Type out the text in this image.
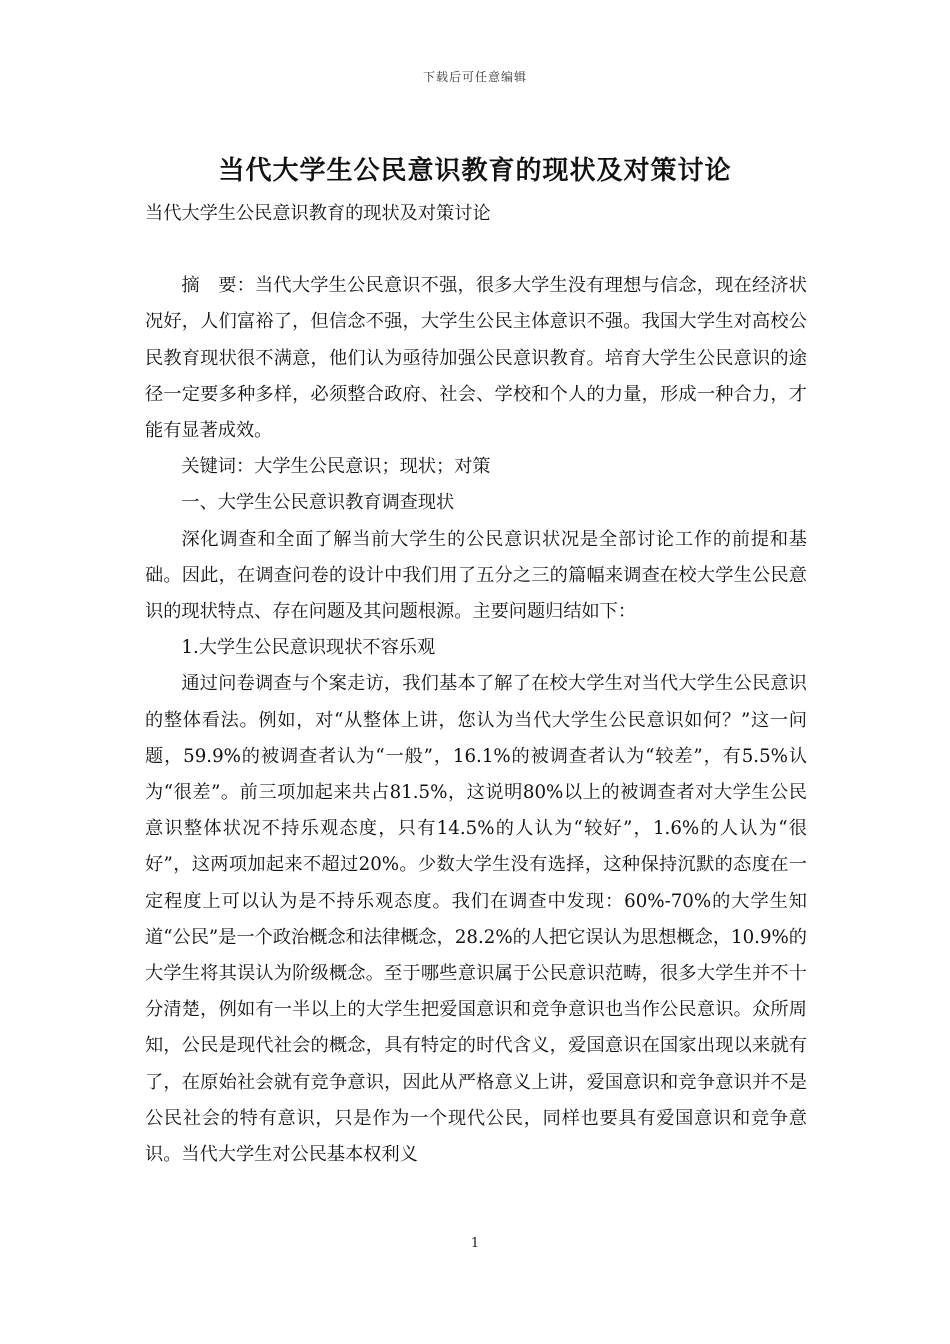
下载后可任意编辑
当代大学生公民意识教育的现状及对策讨论

当代大学生公民意识教育的现状及对策讨论

摘　要：当代大学生公民意识不强，很多大学生没有理想与信念，现在经济状况好，人们富裕了，但信念不强，大学生公民主体意识不强。我国大学生对高校公民教育现状很不满意，他们认为亟待加强公民意识教育。培育大学生公民意识的途径一定要多种多样，必须整合政府、社会、学校和个人的力量，形成一种合力，才能有显著成效。

关键词：大学生公民意识；现状；对策

一、大学生公民意识教育调查现状

深化调查和全面了解当前大学生的公民意识状况是全部讨论工作的前提和基础。因此，在调查问卷的设计中我们用了五分之三的篇幅来调查在校大学生公民意识的现状特点、存在问题及其问题根源。主要问题归结如下：

1.大学生公民意识现状不容乐观

通过问卷调查与个案走访，我们基本了解了在校大学生对当代大学生公民意识的整体看法。例如，对“从整体上讲，您认为当代大学生公民意识如何？”这一问题，59.9%的被调查者认为“一般”，16.1%的被调查者认为“较差”，有5.5%认为“很差”。前三项加起来共占81.5%，这说明80%以上的被调查者对大学生公民意识整体状况不持乐观态度，只有14.5%的人认为“较好”，1.6%的人认为“很好”，这两项加起来不超过20%。少数大学生没有选择，这种保持沉默的态度在一定程度上可以认为是不持乐观态度。我们在调查中发现：60%-70%的大学生知道“公民”是一个政治概念和法律概念，28.2%的人把它误认为思想概念，10.9%的大学生将其误认为阶级概念。至于哪些意识属于公民意识范畴，很多大学生并不十分清楚，例如有一半以上的大学生把爱国意识和竞争意识也当作公民意识。众所周知，公民是现代社会的概念，具有特定的时代含义，爱国意识在国家出现以来就有了，在原始社会就有竞争意识，因此从严格意义上讲，爱国意识和竞争意识并不是公民社会的特有意识，只是作为一个现代公民，同样也要具有爱国意识和竞争意识。当代大学生对公民基本权利义

1
